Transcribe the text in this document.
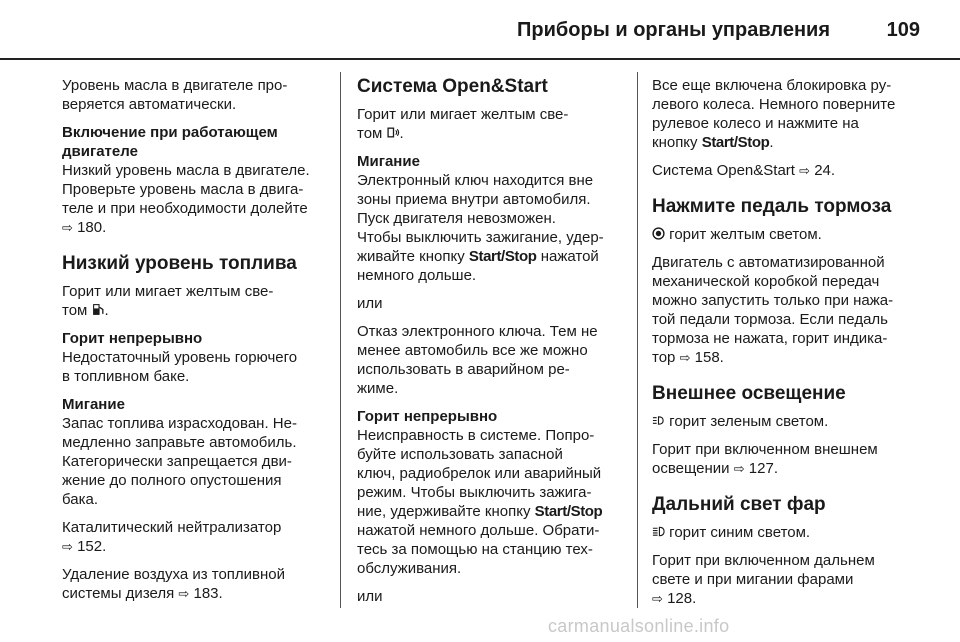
Приборы и органы управления	109

Уровень масла в двигателе про-
веряется автоматически.

Включение при работающем
двигателе

Низкий уровень масла в двигателе.
Проверьте уровень масла в двига-
теле и при необходимости долейте
⇨ 180.

Низкий уровень топлива

Горит или мигает желтым све-
том .

Горит непрерывно

Недостаточный уровень горючего
в топливном баке.

Мигание

Запас топлива израсходован. Не-
медленно заправьте автомобиль.
Категорически запрещается дви-
жение до полного опустошения
бака.

Каталитический нейтрализатор
⇨ 152.

Удаление воздуха из топливной
системы дизеля ⇨ 183.

Система Open&Start

Горит или мигает желтым све-
том .

Мигание

Электронный ключ находится вне
зоны приема внутри автомобиля.
Пуск двигателя невозможен.
Чтобы выключить зажигание, удер-
живайте кнопку Start/Stop нажатой
немного дольше.

или

Отказ электронного ключа. Тем не
менее автомобиль все же можно
использовать в аварийном ре-
жиме.

Горит непрерывно

Неисправность в системе. Попро-
буйте использовать запасной
ключ, радиобрелок или аварийный
режим. Чтобы выключить зажига-
ние, удерживайте кнопку Start/Stop
нажатой немного дольше. Обрати-
тесь за помощью на станцию тех-
обслуживания.

или

Все еще включена блокировка ру-
левого колеса. Немного поверните
рулевое колесо и нажмите на
кнопку Start/Stop.

Система Open&Start ⇨ 24.

Нажмите педаль тормоза

горит желтым светом.

Двигатель с автоматизированной
механической коробкой передач
можно запустить только при нажа-
той педали тормоза. Если педаль
тормоза не нажата, горит индика-
тор ⇨ 158.

Внешнее освещение

горит зеленым светом.

Горит при включенном внешнем
освещении ⇨ 127.

Дальний свет фар

горит синим светом.

Горит при включенном дальнем
свете и при мигании фарами
⇨ 128.

carmanualsonline.info
